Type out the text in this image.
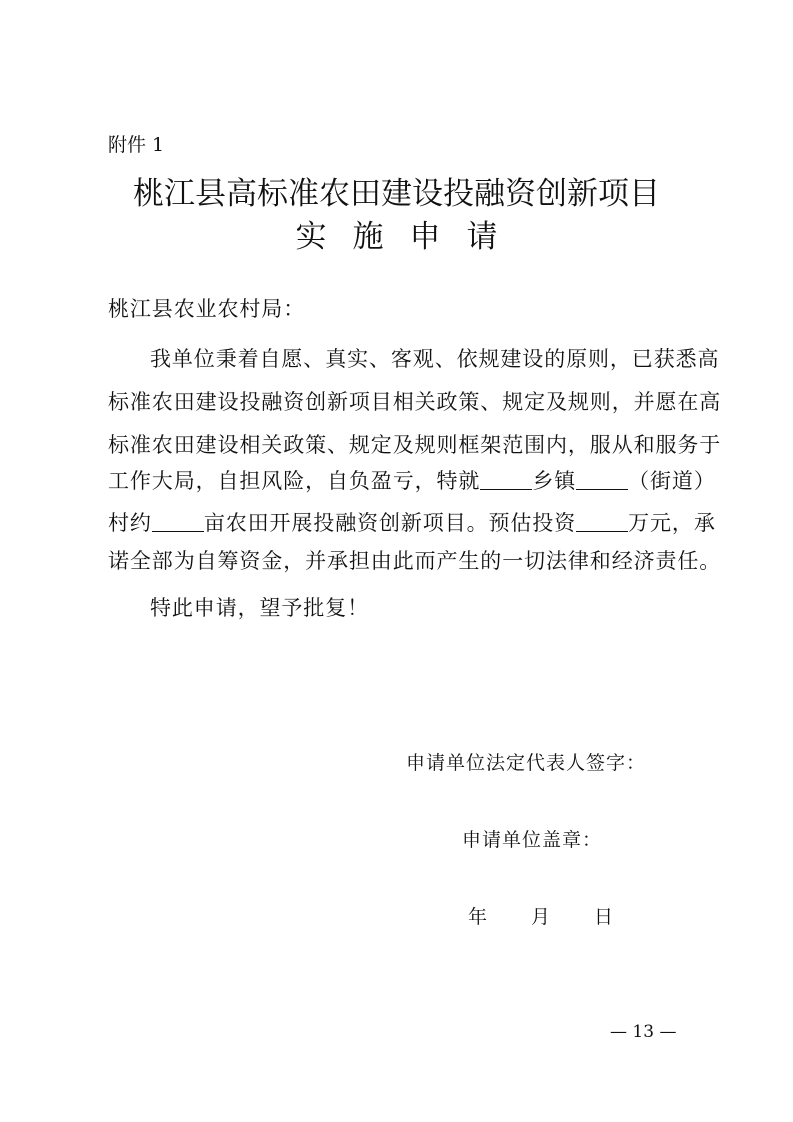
附件 1
桃江县高标准农田建设投融资创新项目
实施申请
桃江县农业农村局：
我单位秉着自愿、真实、客观、依规建设的原则，已获悉高
标准农田建设投融资创新项目相关政策、规定及规则，并愿在高
标准农田建设相关政策、规定及规则框架范围内，服从和服务于
工作大局，自担风险，自负盈亏，特就 乡镇 （街道）
村约 亩农田开展投融资创新项目。预估投资 万元，承
诺全部为自筹资金，并承担由此而产生的一切法律和经济责任。
特此申请，望予批复！
申请单位法定代表人签字：
申请单位盖章：
年　　月　　日
— 13 —
